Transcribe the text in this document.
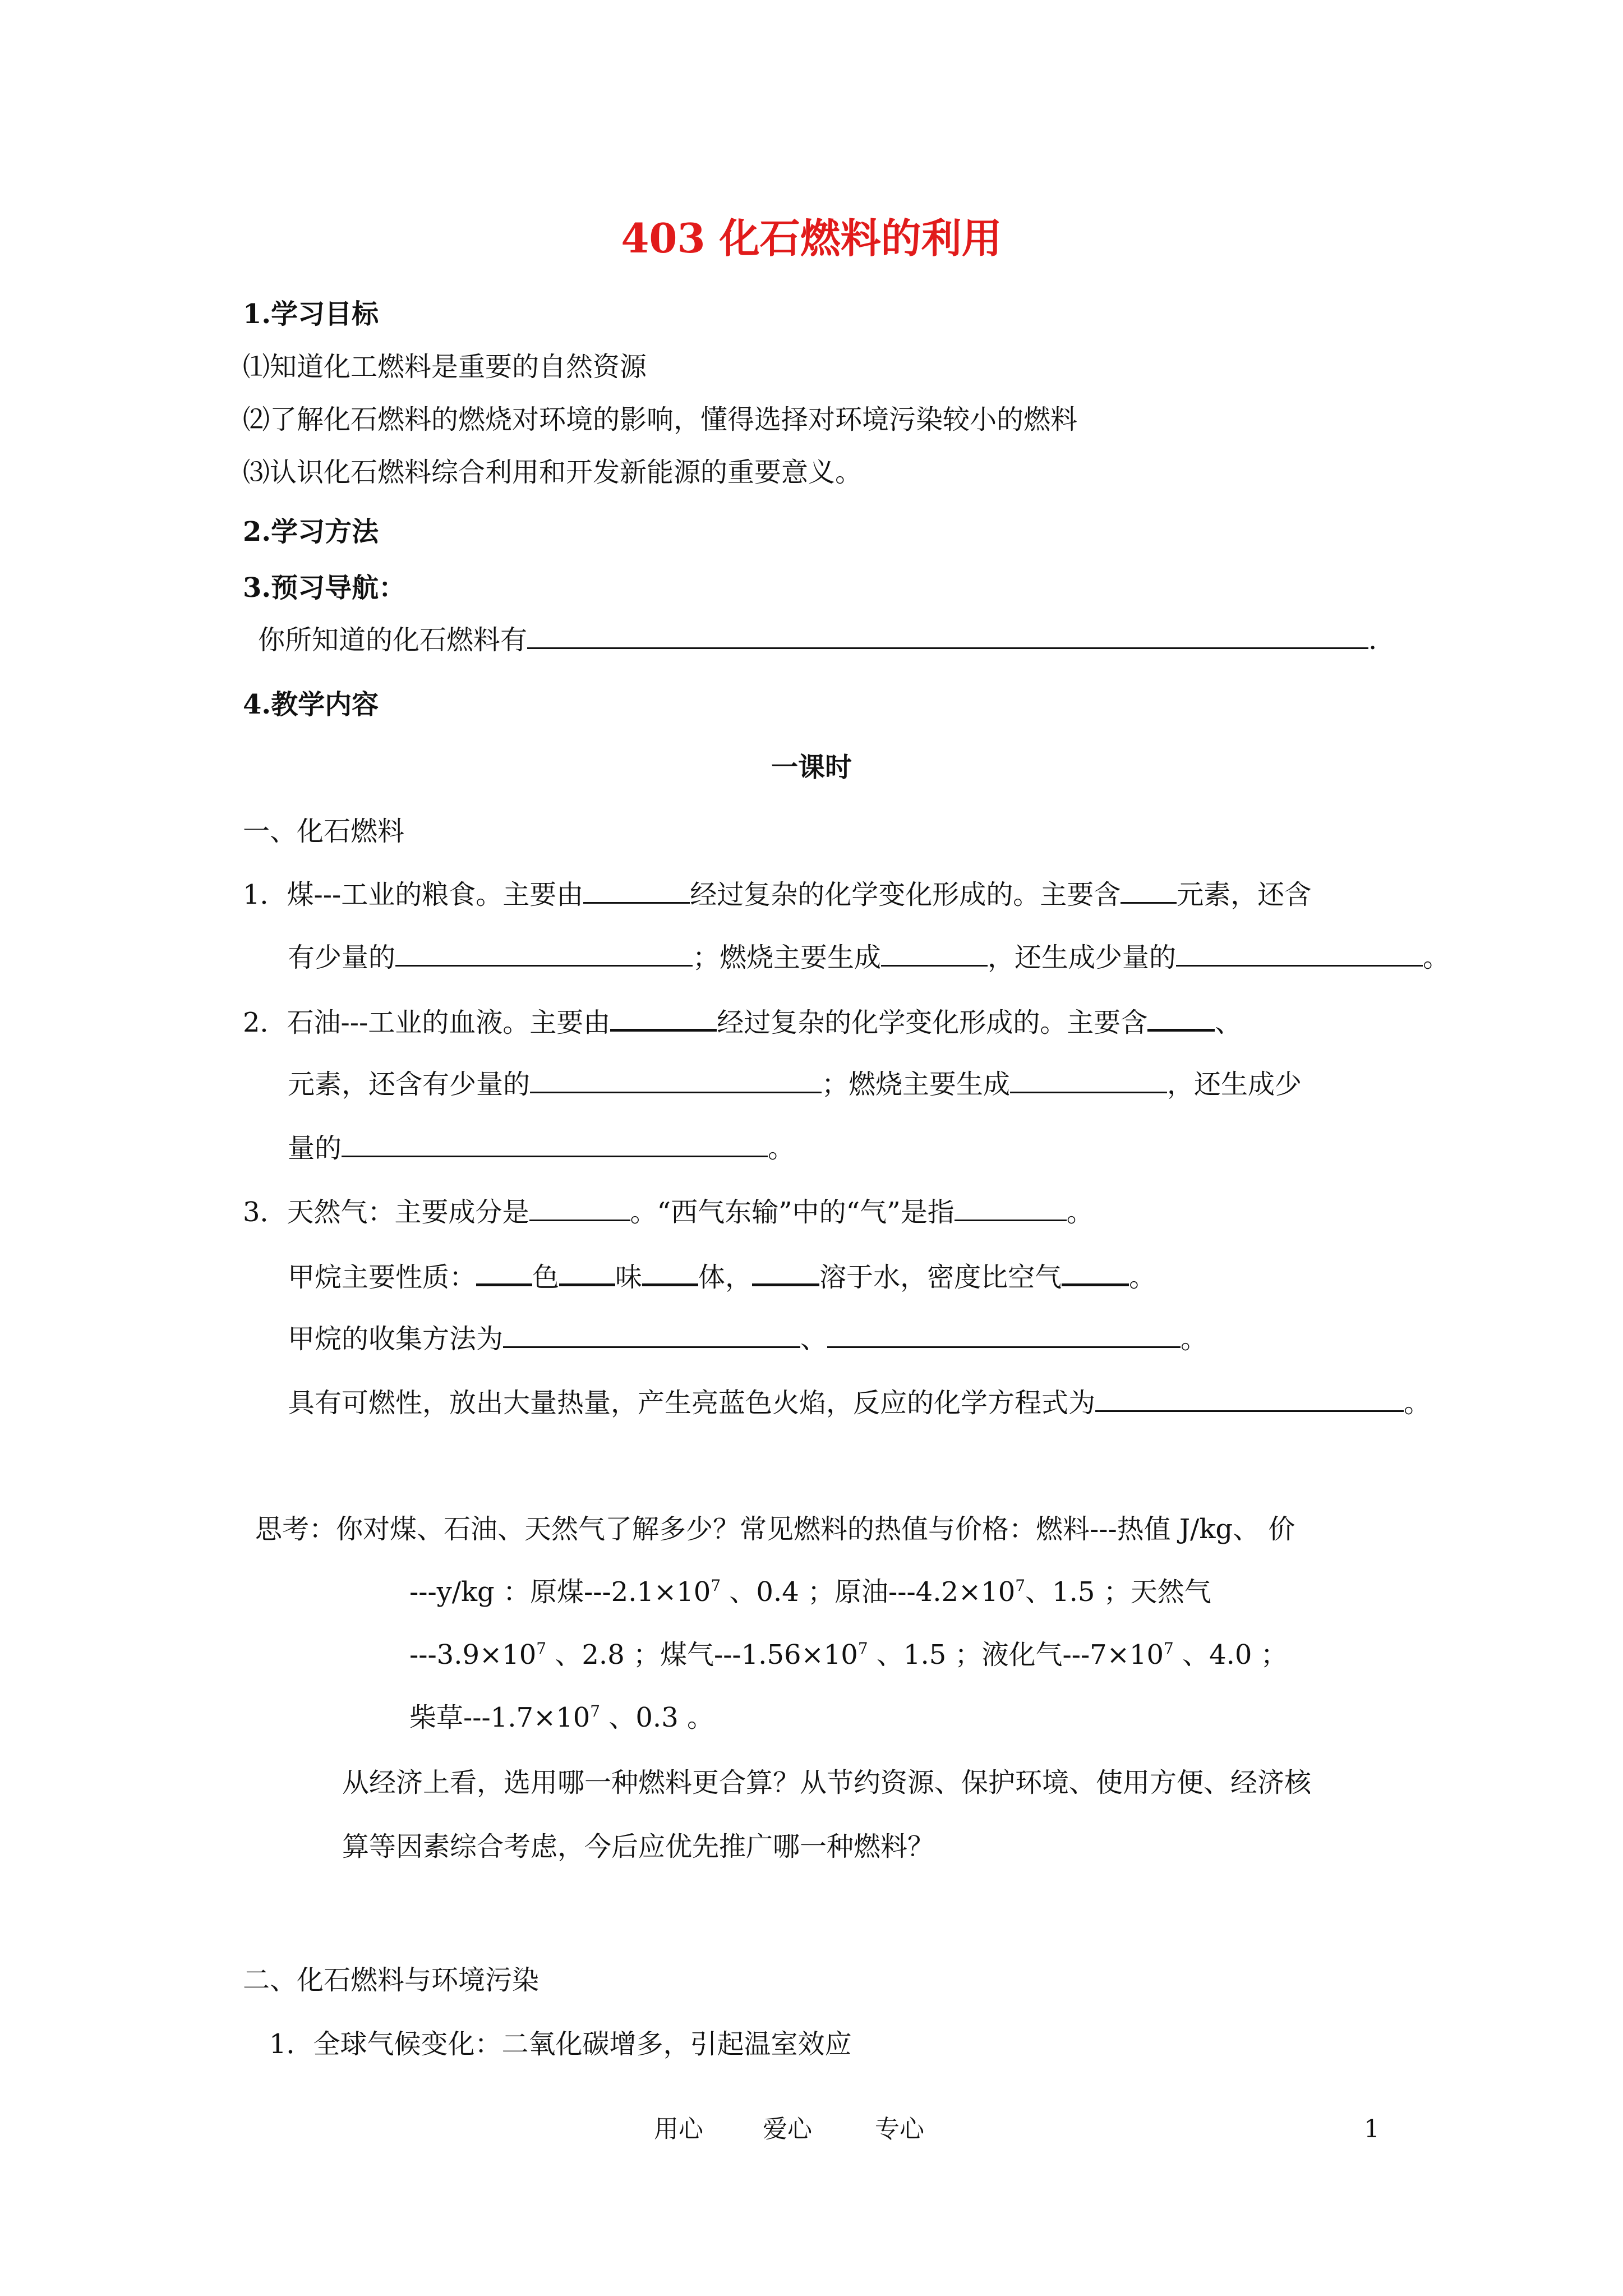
403 化石燃料的利用
1.学习目标
⑴知道化工燃料是重要的自然资源
⑵了解化石燃料的燃烧对环境的影响，懂得选择对环境污染较小的燃料
⑶认识化石燃料综合利用和开发新能源的重要意义。
2.学习方法
3.预习导航：
你所知道的化石燃料有	.
4.教学内容
一课时
一、化石燃料
1．煤---工业的粮食。主要由	经过复杂的化学变化形成的。主要含 元素，还含
有少量的	；燃烧主要生成	，还生成少量的	。
2．石油---工业的血液。主要由	经过复杂的化学变化形成的。主要含	、
元素，还含有少量的	；燃烧主要生成	，还生成少
量的	。
3．天然气：主要成分是	。“西气东输”中的“气”是指	。
甲烷主要性质： 色 味 体，	溶于水，密度比空气	。
甲烷的收集方法为	、	。
具有可燃性，放出大量热量，产生亮蓝色火焰，反应的化学方程式为	。
思考：你对煤、石油、天然气了解多少？常见燃料的热值与价格：燃料---热值 J/kg、 价
---y/kg ：原煤$---2.1\times 10^7$ 、0.4 ；原油$---4.2\times 10^7$、1.5 ；天然气
$---3.9\times 10^7$ 、2.8 ；煤气$---1.56\times 10^7$ 、1.5 ；液化气$---7\times 10^7$ 、4.0 ；
柴草$---1.7\times 10^7$ 、0.3 。
从经济上看，选用哪一种燃料更合算？从节约资源、保护环境、使用方便、经济核
算等因素综合考虑，今后应优先推广哪一种燃料？
二、化石燃料与环境污染
1．全球气候变化：二氧化碳增多，引起温室效应
用心 爱心	专心	1
